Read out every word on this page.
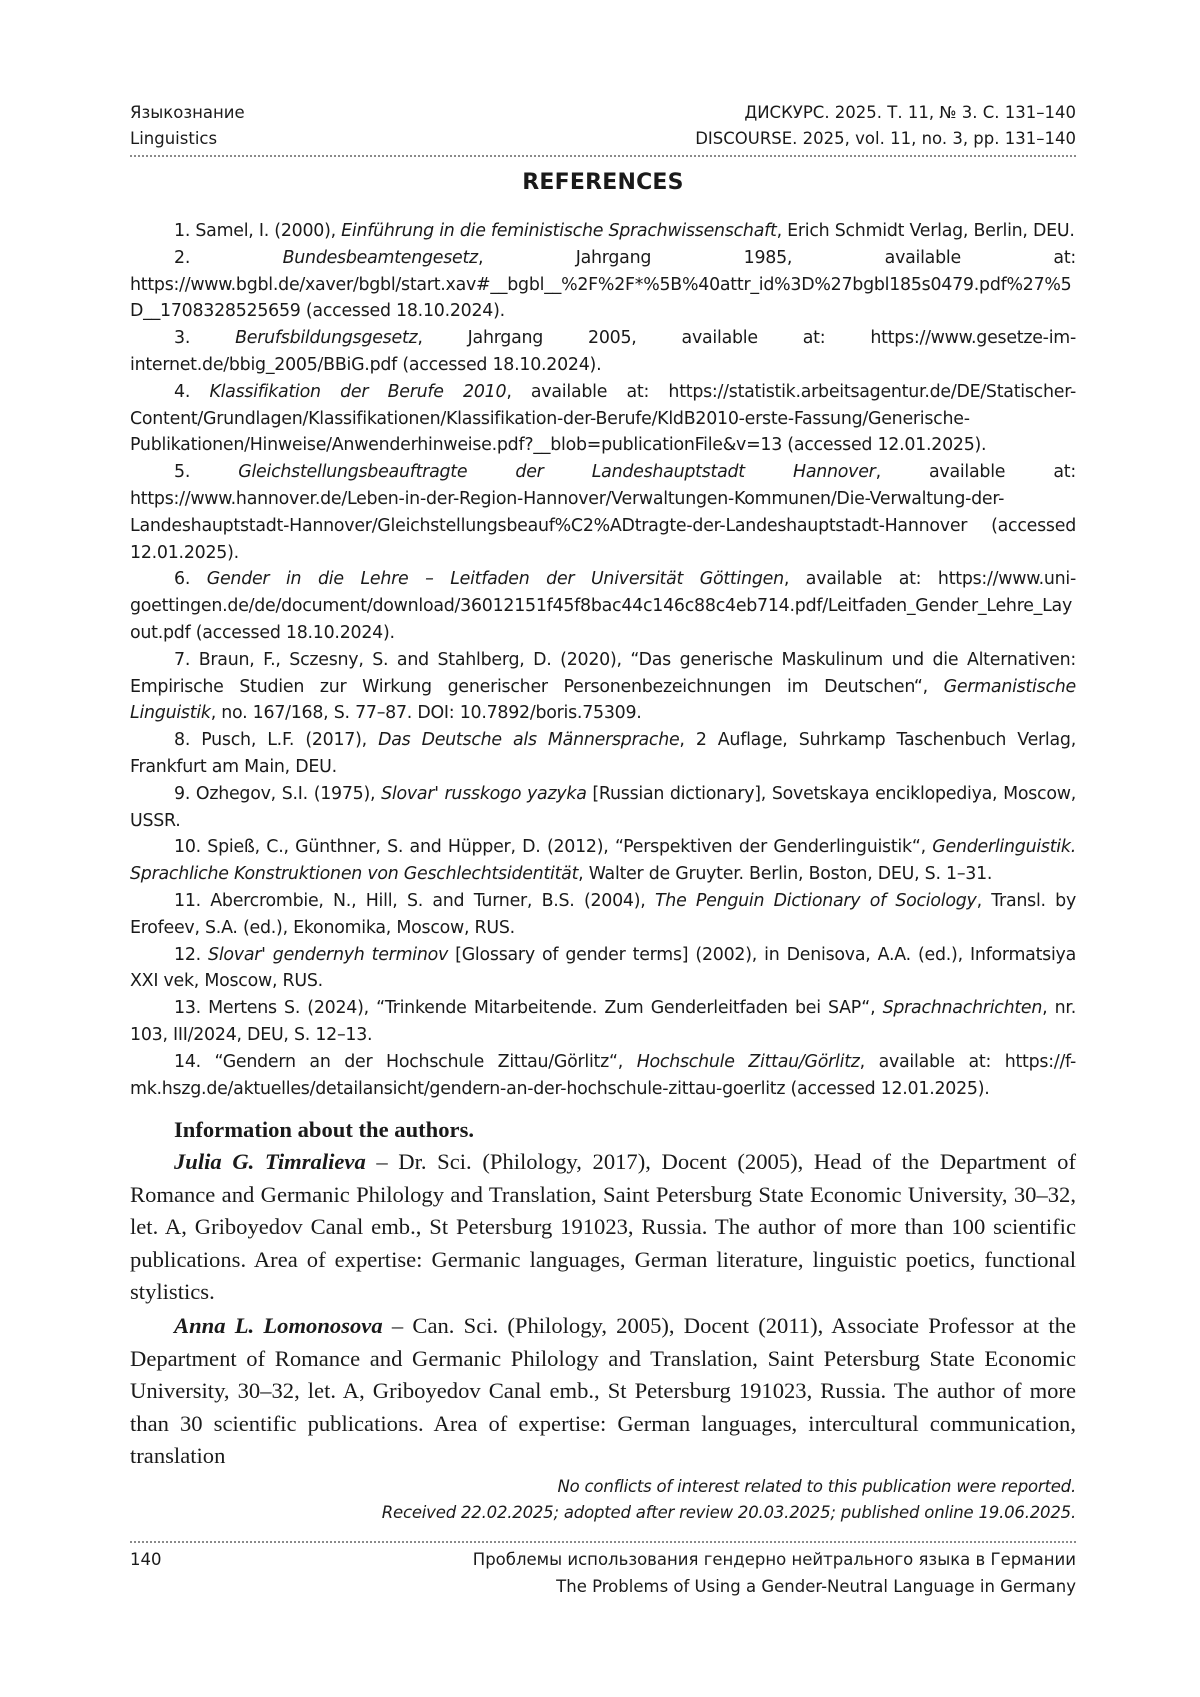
Языкознание	ДИСКУРС. 2025. Т. 11, № 3. С. 131–140
Linguistics	DISCOURSE. 2025, vol. 11, no. 3, pp. 131–140
REFERENCES

1. Samel, I. (2000), Einführung in die feministische Sprachwissenschaft, Erich Schmidt Verlag, Berlin, DEU.

2. Bundesbeamtengesetz, Jahrgang 1985, available at: https://www.bgbl.de/xaver/bgbl/start.xav#__bgbl__%2F%2F*%5B%40attr_id%3D%27bgbl185s0479.pdf%27%5D__1708328525659 (accessed 18.10.2024).

3. Berufsbildungsgesetz, Jahrgang 2005, available at: https://www.gesetze-im-internet.de/bbig_2005/BBiG.pdf (accessed 18.10.2024).

4. Klassifikation der Berufe 2010, available at: https://statistik.arbeitsagentur.de/DE/Statischer-Content/Grundlagen/Klassifikationen/Klassifikation-der-Berufe/KldB2010-erste-Fassung/Generische-Publikationen/Hinweise/Anwenderhinweise.pdf?__blob=publicationFile&v=13 (accessed 12.01.2025).

5. Gleichstellungsbeauftragte der Landeshauptstadt Hannover, available at: https://www.hannover.de/Leben-in-der-Region-Hannover/Verwaltungen-Kommunen/Die-Verwaltung-der-Landeshauptstadt-Hannover/Gleichstellungsbeauf%C2%ADtragte-der-Landeshauptstadt-Hannover (accessed 12.01.2025).

6. Gender in die Lehre – Leitfaden der Universität Göttingen, available at: https://www.uni-goettingen.de/de/document/download/36012151f45f8bac44c146c88c4eb714.pdf/Leitfaden_Gender_Lehre_Layout.pdf (accessed 18.10.2024).

7. Braun, F., Sczesny, S. and Stahlberg, D. (2020), “Das generische Maskulinum und die Alternativen: Empirische Studien zur Wirkung generischer Personenbezeichnungen im Deutschen“, Germanistische Linguistik, no. 167/168, S. 77–87. DOI: 10.7892/boris.75309.

8. Pusch, L.F. (2017), Das Deutsche als Männersprache, 2 Auflage, Suhrkamp Taschenbuch Verlag, Frankfurt am Main, DEU.

9. Ozhegov, S.I. (1975), Slovar' russkogo yazyka [Russian dictionary], Sovetskaya enciklopediya, Moscow, USSR.

10. Spieß, C., Günthner, S. and Hüpper, D. (2012), “Perspektiven der Genderlinguistik“, Genderlinguistik. Sprachliche Konstruktionen von Geschlechtsidentität, Walter de Gruyter. Berlin, Boston, DEU, S. 1–31.

11. Abercrombie, N., Hill, S. and Turner, B.S. (2004), The Penguin Dictionary of Sociology, Transl. by Erofeev, S.A. (ed.), Ekonomika, Moscow, RUS.

12. Slovar' gendernyh terminov [Glossary of gender terms] (2002), in Denisova, A.A. (ed.), Informatsiya XXI vek, Moscow, RUS.

13. Mertens S. (2024), “Trinkende Mitarbeitende. Zum Genderleitfaden bei SAP“, Sprachnachrichten, nr. 103, III/2024, DEU, S. 12–13.

14. “Gendern an der Hochschule Zittau/Görlitz“, Hochschule Zittau/Görlitz, available at: https://f-mk.hszg.de/aktuelles/detailansicht/gendern-an-der-hochschule-zittau-goerlitz (accessed 12.01.2025).

Information about the authors.

Julia G. Timralieva – Dr. Sci. (Philology, 2017), Docent (2005), Head of the Department of Romance and Germanic Philology and Translation, Saint Petersburg State Economic University, 30–32, let. A, Griboyedov Canal emb., St Petersburg 191023, Russia. The author of more than 100 scientific publications. Area of expertise: Germanic languages, German literature, linguistic poetics, functional stylistics.

Anna L. Lomonosova – Can. Sci. (Philology, 2005), Docent (2011), Associate Professor at the Department of Romance and Germanic Philology and Translation, Saint Petersburg State Economic University, 30–32, let. A, Griboyedov Canal emb., St Petersburg 191023, Russia. The author of more than 30 scientific publications. Area of expertise: German languages, intercultural communication, translation

No conflicts of interest related to this publication were reported.
Received 22.02.2025; adopted after review 20.03.2025; published online 19.06.2025.
140	Проблемы использования гендерно нейтрального языка в Германии
The Problems of Using a Gender-Neutral Language in Germany
